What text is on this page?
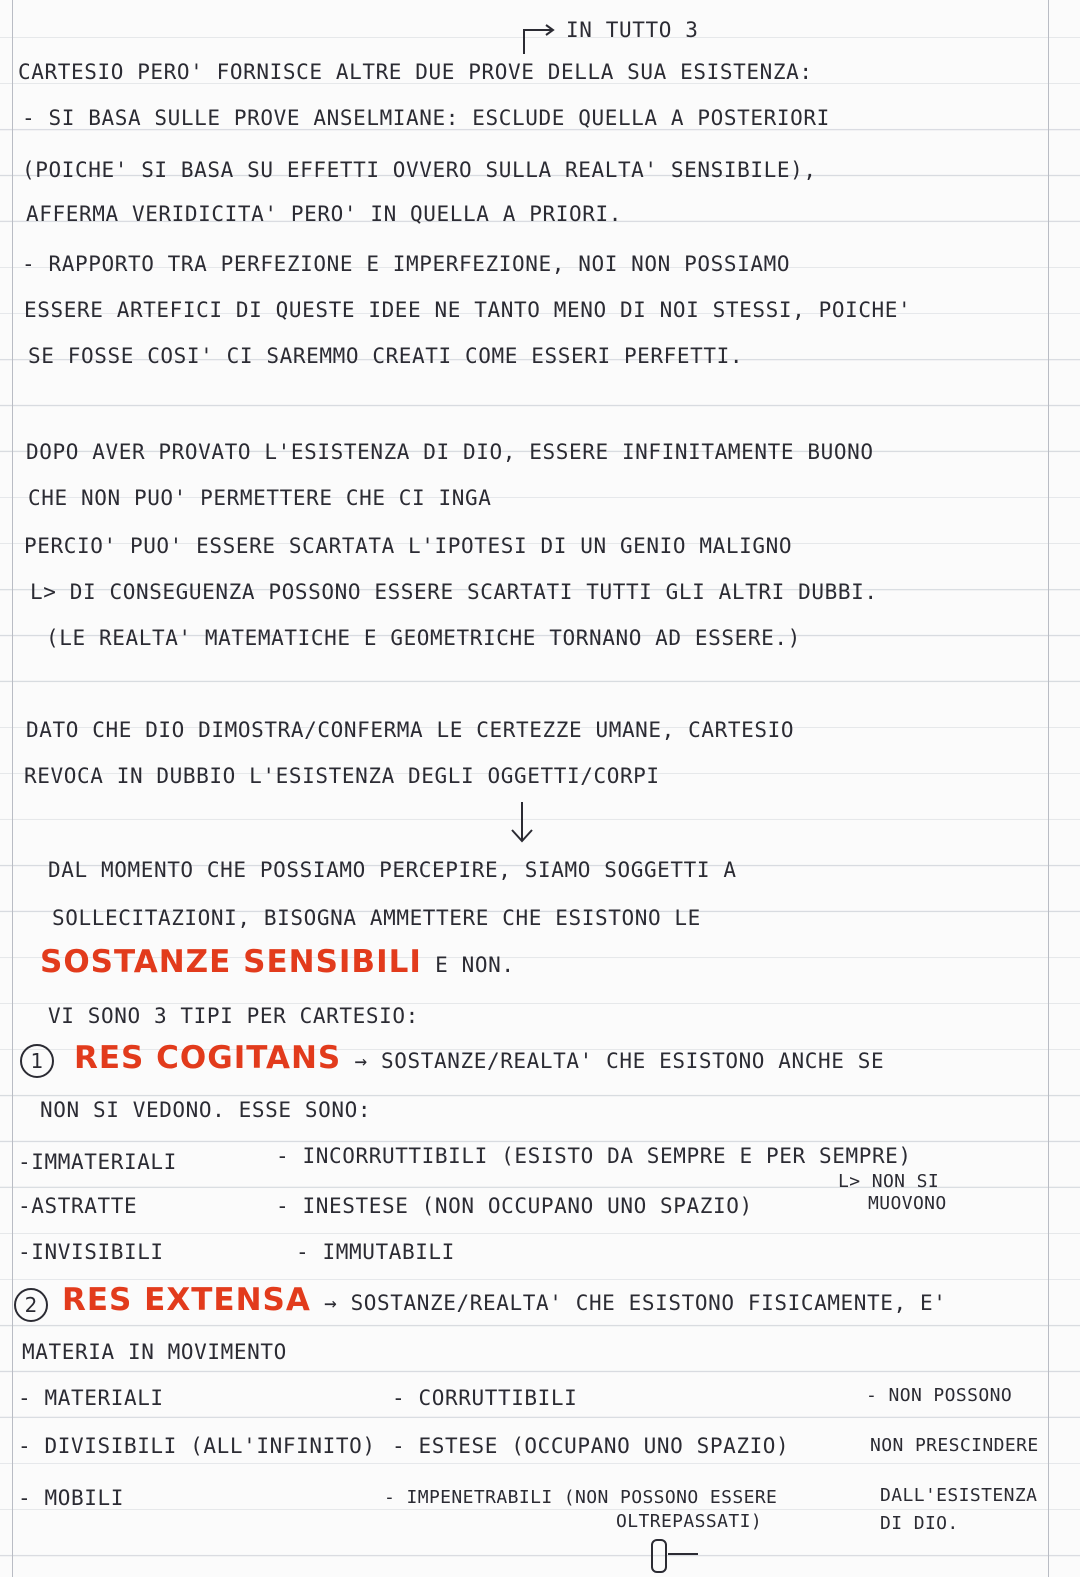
IN TUTTO 3
CARTESIO PERO' FORNISCE ALTRE DUE PROVE DELLA SUA ESISTENZA:
- SI BASA SULLE PROVE ANSELMIANE: ESCLUDE QUELLA A POSTERIORI
(POICHE' SI BASA SU EFFETTI OVVERO SULLA REALTA' SENSIBILE),
AFFERMA VERIDICITA' PERO' IN QUELLA A PRIORI.
- RAPPORTO TRA PERFEZIONE E IMPERFEZIONE, NOI NON POSSIAMO
ESSERE ARTEFICI DI QUESTE IDEE NE TANTO MENO DI NOI STESSI, POICHE'
SE FOSSE COSI' CI SAREMMO CREATI COME ESSERI PERFETTI.
DOPO AVER PROVATO L'ESISTENZA DI DIO, ESSERE INFINITAMENTE BUONO
CHE NON PUO' PERMETTERE CHE CI INGA
PERCIO' PUO' ESSERE SCARTATA L'IPOTESI DI UN GENIO MALIGNO
L> DI CONSEGUENZA POSSONO ESSERE SCARTATI TUTTI GLI ALTRI DUBBI.
(LE REALTA' MATEMATICHE E GEOMETRICHE TORNANO AD ESSERE.)
DATO CHE DIO DIMOSTRA/CONFERMA LE CERTEZZE UMANE, CARTESIO
REVOCA IN DUBBIO L'ESISTENZA DEGLI OGGETTI/CORPI
DAL MOMENTO CHE POSSIAMO PERCEPIRE, SIAMO SOGGETTI A
SOLLECITAZIONI, BISOGNA AMMETTERE CHE ESISTONO LE
SOSTANZE SENSIBILI E NON.
VI SONO 3 TIPI PER CARTESIO:
1 RES COGITANS → SOSTANZE/REALTA' CHE ESISTONO ANCHE SE
NON SI VEDONO. ESSE SONO:
-IMMATERIALI
-ASTRATTE
-INVISIBILI
- INCORRUTTIBILI (ESISTO DA SEMPRE E PER SEMPRE)
- INESTESE (NON OCCUPANO UNO SPAZIO)
- IMMUTABILI
L> NON SI
MUOVONO
2 RES EXTENSA → SOSTANZE/REALTA' CHE ESISTONO FISICAMENTE, E'
MATERIA IN MOVIMENTO
- MATERIALI
- DIVISIBILI (ALL'INFINITO)
- MOBILI
- CORRUTTIBILI
- ESTESE (OCCUPANO UNO SPAZIO)
- IMPENETRABILI (NON POSSONO ESSERE
OLTREPASSATI)
- NON POSSONO
NON PRESCINDERE
DALL'ESISTENZA
DI DIO.
